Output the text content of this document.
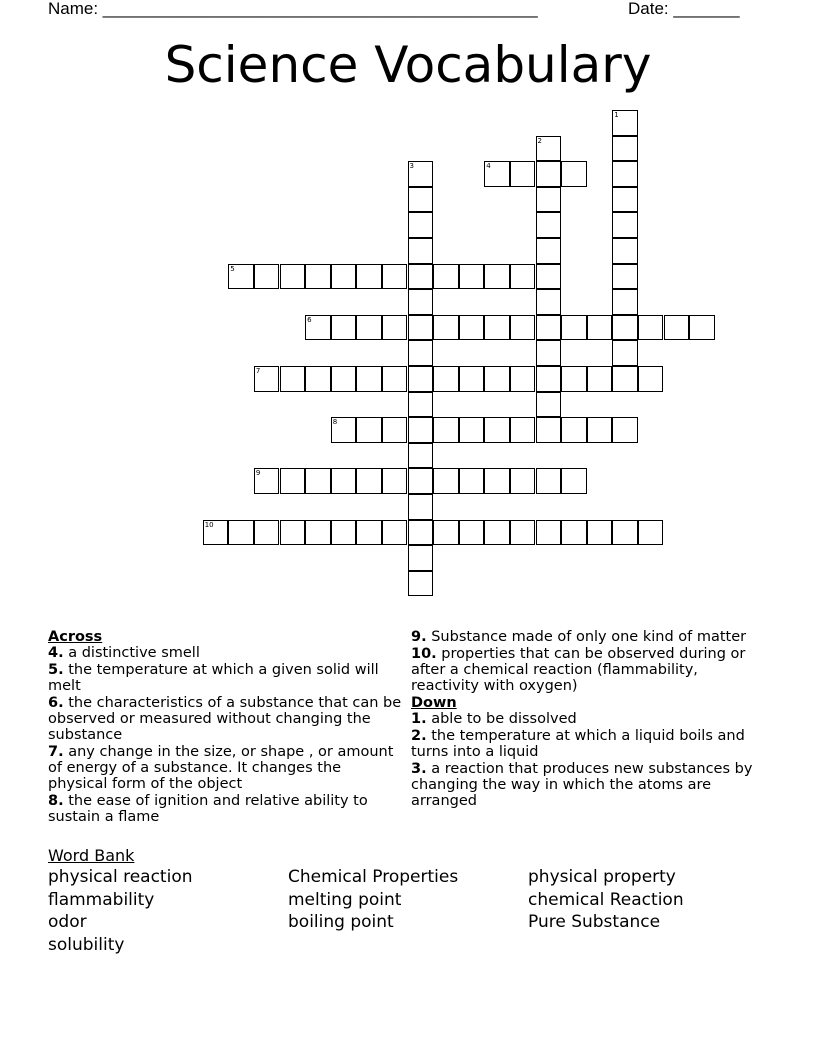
Name: ______________________________________________	Date: _______
Science Vocabulary
1
2
3	4
5
6
7
8
9
10

Across

4. a distinctive smell

5. the temperature at which a given solid will melt

6. the characteristics of a substance that can be observed or measured without changing the substance

7. any change in the size, or shape , or amount of energy of a substance. It changes the physical form of the object

8. the ease of ignition and relative ability to sustain a flame

9. Substance made of only one kind of matter

10. properties that can be observed during or after a chemical reaction (flammability, reactivity with oxygen)

Down

1. able to be dissolved

2. the temperature at which a liquid boils and turns into a liquid

3. a reaction that produces new substances by changing the way in which the atoms are arranged

Word Bank
physical reaction
flammability
odor
solubility
Chemical Properties
melting point
boiling point
physical property
chemical Reaction
Pure Substance
